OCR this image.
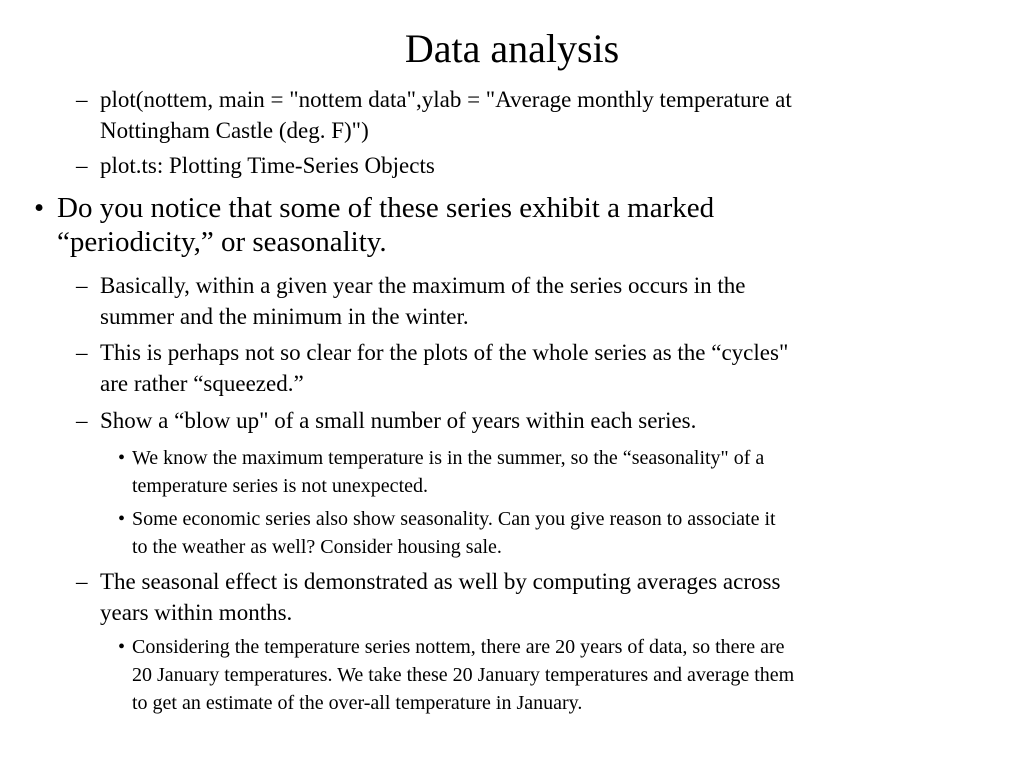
Data analysis
– plot(nottem, main = "nottem data",ylab = "Average monthly temperature at
Nottingham Castle (deg. F)")
– plot.ts: Plotting Time-Series Objects
• Do you notice that some of these series exhibit a marked
“periodicity,” or seasonality.
– Basically, within a given year the maximum of the series occurs in the
summer and the minimum in the winter.
– This is perhaps not so clear for the plots of the whole series as the “cycles"
are rather “squeezed.”
– Show a “blow up" of a small number of years within each series.
• We know the maximum temperature is in the summer, so the “seasonality" of a
temperature series is not unexpected.
• Some economic series also show seasonality. Can you give reason to associate it
to the weather as well? Consider housing sale.
– The seasonal effect is demonstrated as well by computing averages across
years within months.
• Considering the temperature series nottem, there are 20 years of data, so there are
20 January temperatures. We take these 20 January temperatures and average them
to get an estimate of the over-all temperature in January.
